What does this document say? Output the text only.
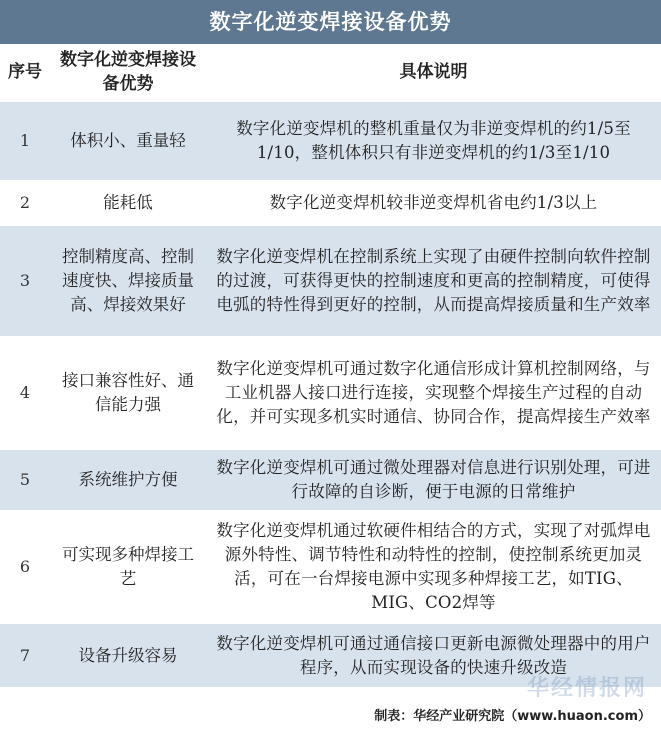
数字化逆变焊接设备优势
序号	数字化逆变焊接设备优势	具体说明
1	体积小、重量轻	数字化逆变焊机的整机重量仅为非逆变焊机的约1/5至1/10，整机体积只有非逆变焊机的约1/3至1/10
2	能耗低	数字化逆变焊机较非逆变焊机省电约1/3以上
3	控制精度高、控制速度快、焊接质量高、焊接效果好	数字化逆变焊机在控制系统上实现了由硬件控制向软件控制的过渡，可获得更快的控制速度和更高的控制精度，可使得电弧的特性得到更好的控制，从而提高焊接质量和生产效率
4	接口兼容性好、通信能力强	数字化逆变焊机可通过数字化通信形成计算机控制网络，与工业机器人接口进行连接，实现整个焊接生产过程的自动化，并可实现多机实时通信、协同合作，提高焊接生产效率
5	系统维护方便	数字化逆变焊机可通过微处理器对信息进行识别处理，可进行故障的自诊断，便于电源的日常维护
6	可实现多种焊接工艺	数字化逆变焊机通过软硬件相结合的方式，实现了对弧焊电源外特性、调节特性和动特性的控制，使控制系统更加灵活，可在一台焊接电源中实现多种焊接工艺，如TIG、MIG、CO2焊等
7	设备升级容易	数字化逆变焊机可通过通信接口更新电源微处理器中的用户程序，从而实现设备的快速升级改造
华经情报网
制表：华经产业研究院（www.huaon.com）
